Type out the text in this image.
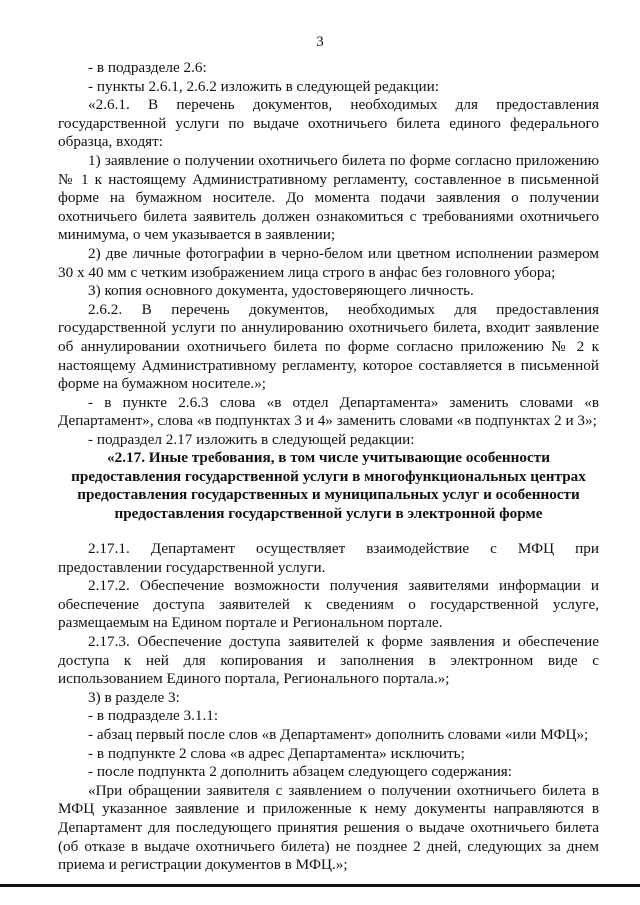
3

- в подразделе 2.6:

- пункты 2.6.1, 2.6.2 изложить в следующей редакции:

«2.6.1. В перечень документов, необходимых для предоставления государственной услуги по выдаче охотничьего билета единого федерального образца, входят:

1) заявление о получении охотничьего билета по форме согласно приложению № 1 к настоящему Административному регламенту, составленное в письменной форме на бумажном носителе. До момента подачи заявления о получении охотничьего билета заявитель должен ознакомиться с требованиями охотничьего минимума, о чем указывается в заявлении;

2) две личные фотографии в черно-белом или цветном исполнении размером 30 х 40 мм с четким изображением лица строго в анфас без головного убора;

3) копия основного документа, удостоверяющего личность.

2.6.2. В перечень документов, необходимых для предоставления государственной услуги по аннулированию охотничьего билета, входит заявление об аннулировании охотничьего билета по форме согласно приложению № 2 к настоящему Административному регламенту, которое составляется в письменной форме на бумажном носителе.»;

- в пункте 2.6.3 слова «в отдел Департамента» заменить словами «в Департамент», слова «в подпунктах 3 и 4» заменить словами «в подпунктах 2 и 3»;

- подраздел 2.17 изложить в следующей редакции:

«2.17. Иные требования, в том числе учитывающие особенности предоставления государственной услуги в многофункциональных центрах предоставления государственных и муниципальных услуг и особенности предоставления государственной услуги в электронной форме

2.17.1. Департамент осуществляет взаимодействие с МФЦ при предоставлении государственной услуги.

2.17.2. Обеспечение возможности получения заявителями информации и обеспечение доступа заявителей к сведениям о государственной услуге, размещаемым на Едином портале и Региональном портале.

2.17.3. Обеспечение доступа заявителей к форме заявления и обеспечение доступа к ней для копирования и заполнения в электронном виде с использованием Единого портала, Регионального портала.»;

3) в разделе 3:

- в подразделе 3.1.1:

- абзац первый после слов «в Департамент» дополнить словами «или МФЦ»;

- в подпункте 2 слова «в адрес Департамента» исключить;

- после подпункта 2 дополнить абзацем следующего содержания:

«При обращении заявителя с заявлением о получении охотничьего билета в МФЦ указанное заявление и приложенные к нему документы направляются в Департамент для последующего принятия решения о выдаче охотничьего билета (об отказе в выдаче охотничьего билета) не позднее 2 дней, следующих за днем приема и регистрации документов в МФЦ.»;
